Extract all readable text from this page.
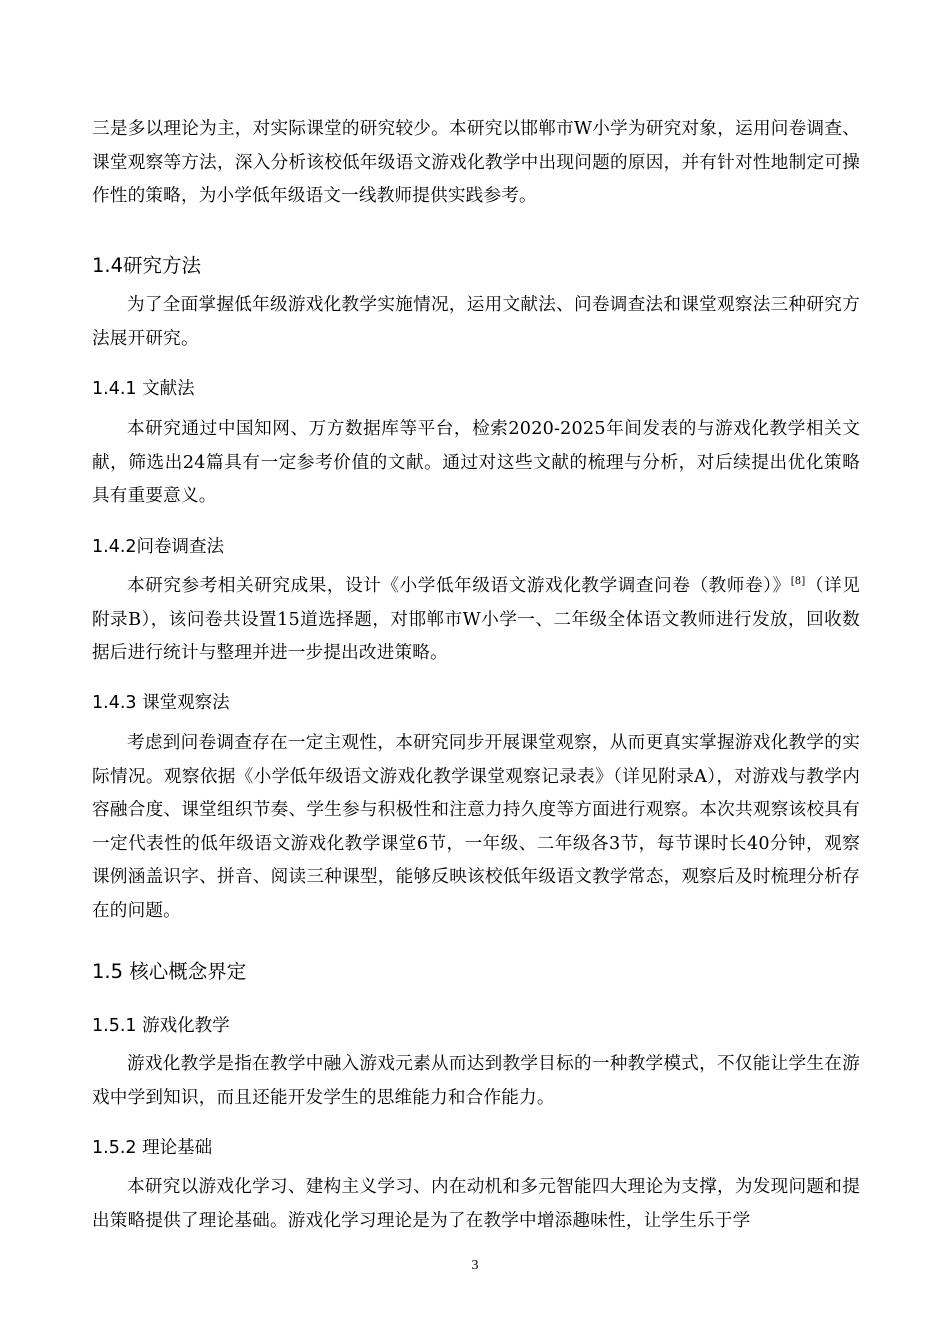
三是多以理论为主，对实际课堂的研究较少。本研究以邯郸市W小学为研究对象，运用问卷调查、课堂观察等方法，深入分析该校低年级语文游戏化教学中出现问题的原因，并有针对性地制定可操作性的策略，为小学低年级语文一线教师提供实践参考。

1.4研究方法

为了全面掌握低年级游戏化教学实施情况，运用文献法、问卷调查法和课堂观察法三种研究方法展开研究。

1.4.1 文献法

本研究通过中国知网、万方数据库等平台，检索2020-2025年间发表的与游戏化教学相关文献，筛选出24篇具有一定参考价值的文献。通过对这些文献的梳理与分析，对后续提出优化策略具有重要意义。

1.4.2问卷调查法

本研究参考相关研究成果，设计《小学低年级语文游戏化教学调查问卷（教师卷）》[8]（详见附录B），该问卷共设置15道选择题，对邯郸市W小学一、二年级全体语文教师进行发放，回收数据后进行统计与整理并进一步提出改进策略。

1.4.3 课堂观察法

考虑到问卷调查存在一定主观性，本研究同步开展课堂观察，从而更真实掌握游戏化教学的实际情况。观察依据《小学低年级语文游戏化教学课堂观察记录表》（详见附录A），对游戏与教学内容融合度、课堂组织节奏、学生参与积极性和注意力持久度等方面进行观察。本次共观察该校具有一定代表性的低年级语文游戏化教学课堂6节，一年级、二年级各3节，每节课时长40分钟，观察课例涵盖识字、拼音、阅读三种课型，能够反映该校低年级语文教学常态，观察后及时梳理分析存在的问题。

1.5 核心概念界定
1.5.1 游戏化教学

游戏化教学是指在教学中融入游戏元素从而达到教学目标的一种教学模式，不仅能让学生在游戏中学到知识，而且还能开发学生的思维能力和合作能力。

1.5.2 理论基础

本研究以游戏化学习、建构主义学习、内在动机和多元智能四大理论为支撑，为发现问题和提出策略提供了理论基础。游戏化学习理论是为了在教学中增添趣味性，让学生乐于学

3
